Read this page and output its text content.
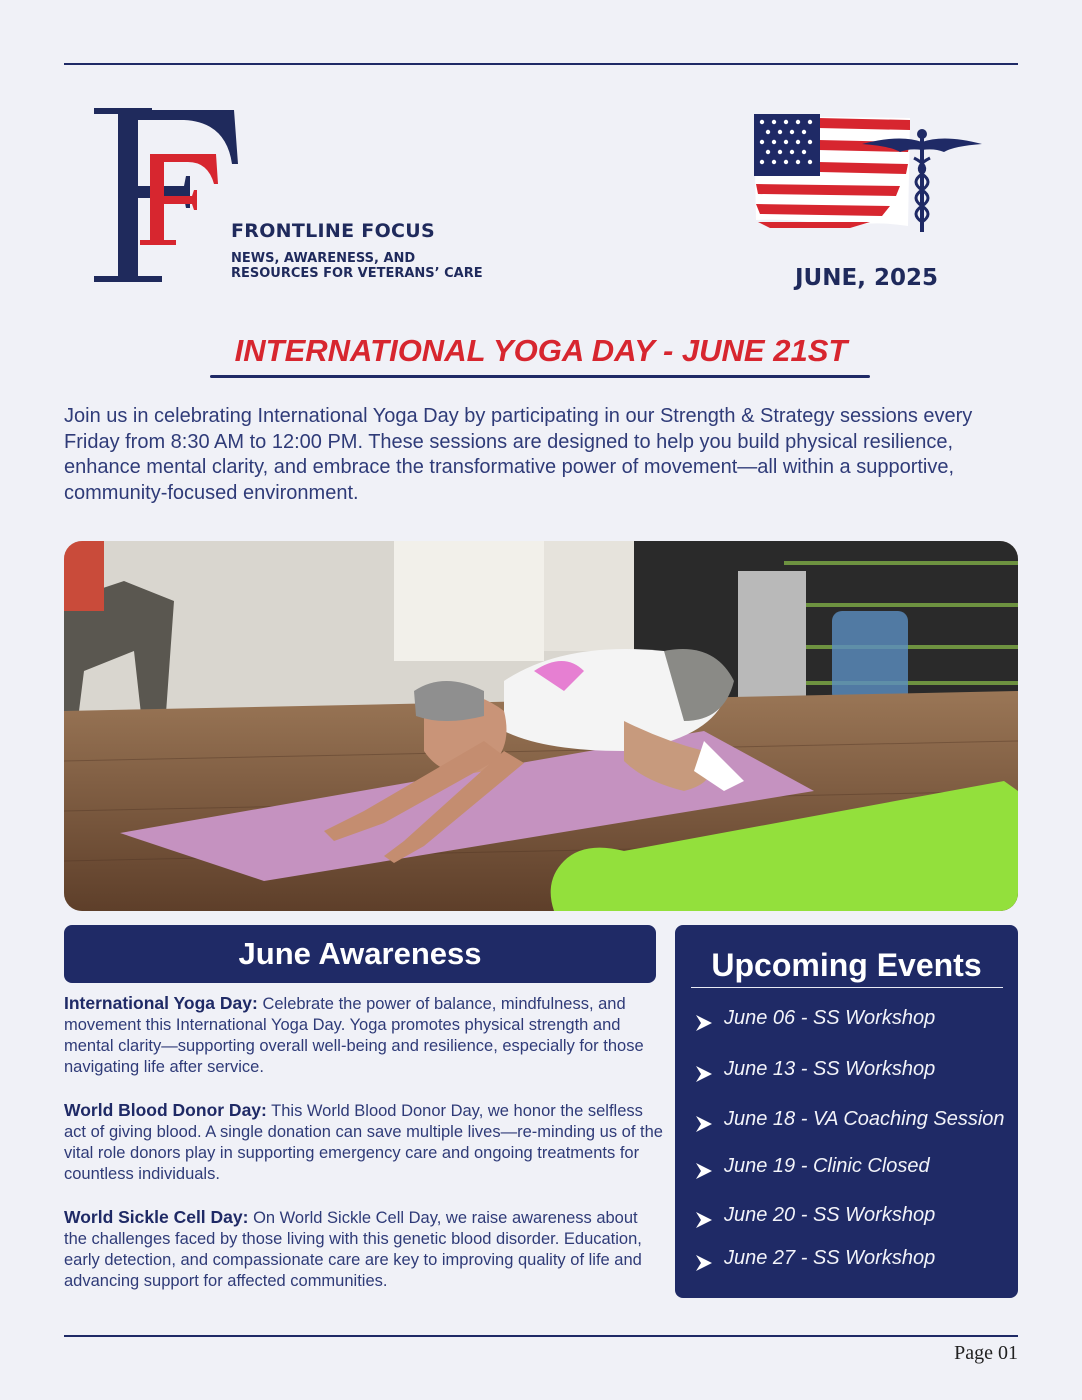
FRONTLINE FOCUS
NEWS, AWARENESS, AND
RESOURCES FOR VETERANS’ CARE	JUNE, 2025
INTERNATIONAL YOGA DAY - JUNE 21ST
Join us in celebrating International Yoga Day by participating in our Strength & Strategy sessions every Friday from 8:30 AM to 12:00 PM. These sessions are designed to help you build physical resilience, enhance mental clarity, and embrace the transformative power of movement—all within a supportive, community-focused environment.
June Awareness
International Yoga Day: Celebrate the power of balance, mindfulness, and movement this International Yoga Day. Yoga promotes physical strength and mental clarity—supporting overall well-being and resilience, especially for those navigating life after service.
World Blood Donor Day: This World Blood Donor Day, we honor the selfless act of giving blood. A single donation can save multiple lives—re-minding us of the vital role donors play in supporting emergency care and ongoing treatments for countless individuals.
World Sickle Cell Day: On World Sickle Cell Day, we raise awareness about the challenges faced by those living with this genetic blood disorder. Education, early detection, and compassionate care are key to improving quality of life and advancing support for affected communities.
Upcoming Events
June 06 - SS Workshop
June 13 - SS Workshop
June 18 - VA Coaching Session
June 19 - Clinic Closed
June 20 - SS Workshop
June 27 - SS Workshop
Page 01
